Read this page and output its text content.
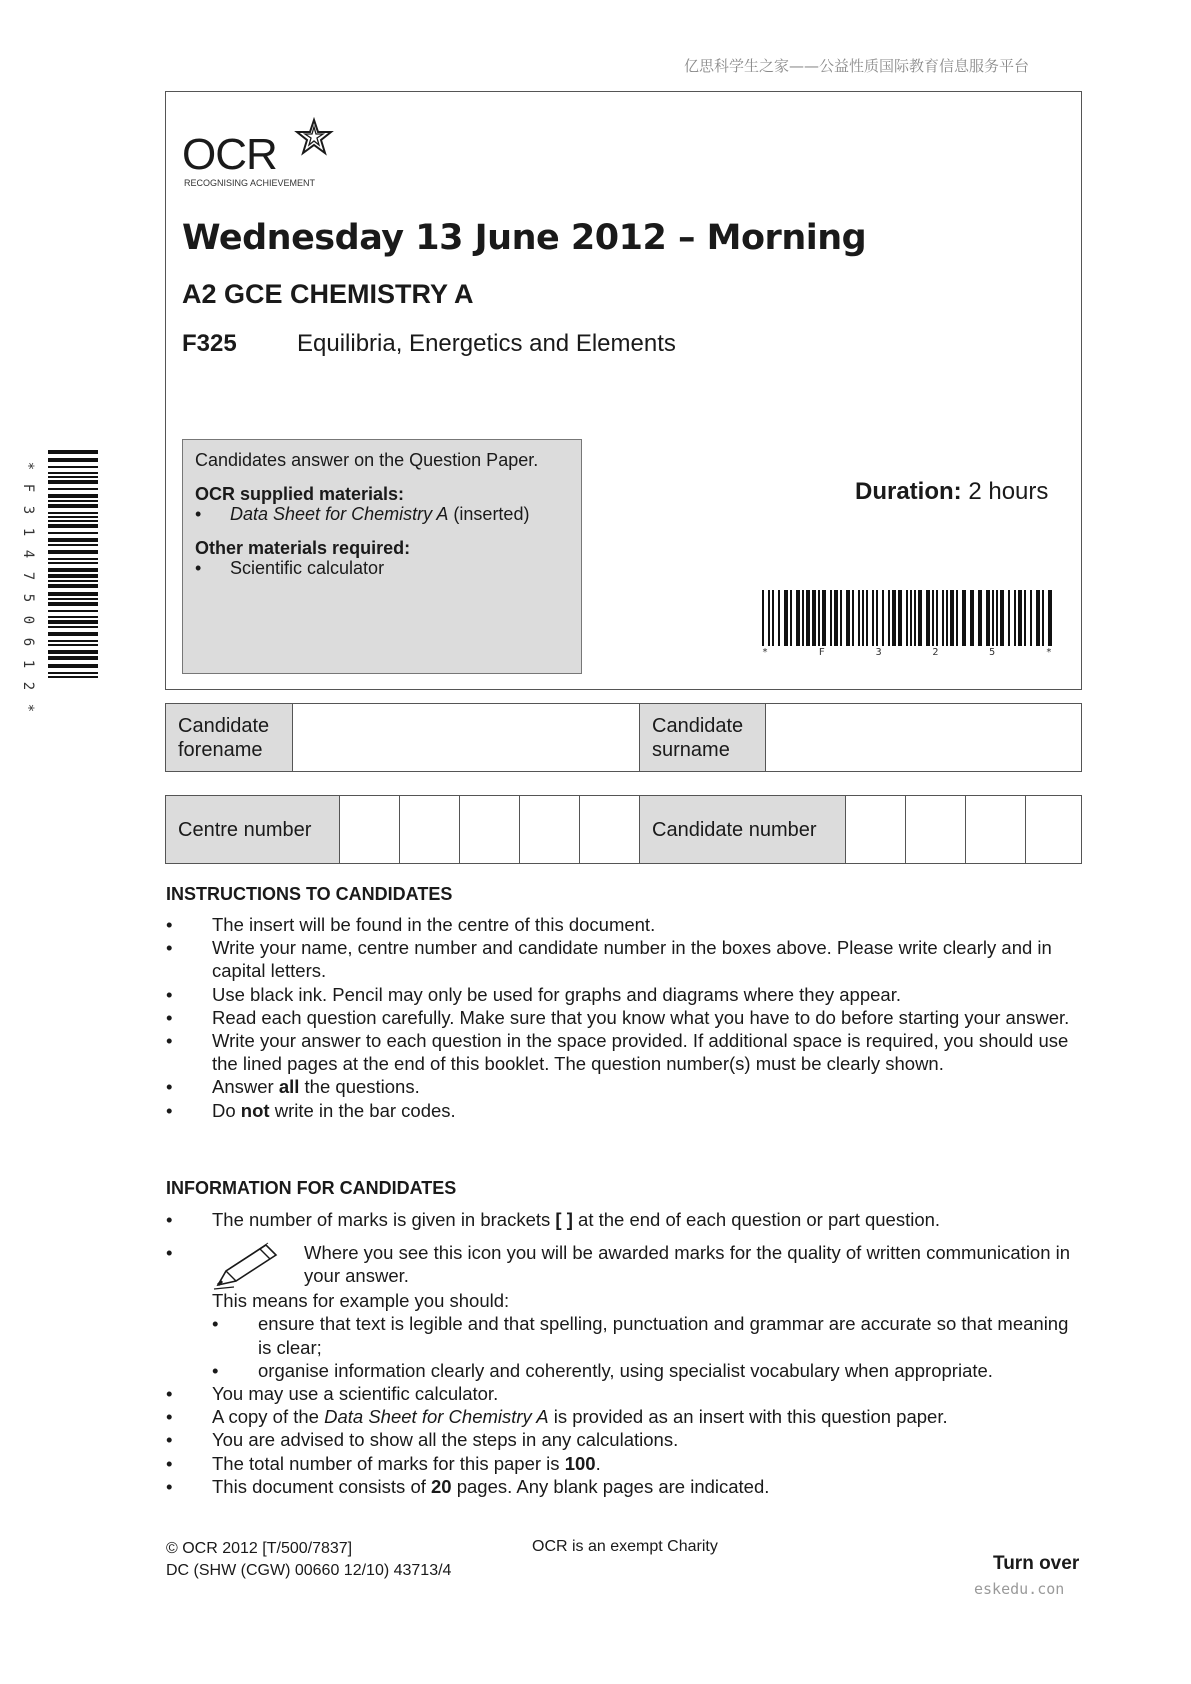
亿思科学生之家——公益性质国际教育信息服务平台
OCR
RECOGNISING ACHIEVEMENT
Wednesday 13 June 2012 – Morning
A2 GCE CHEMISTRY A
F325	Equilibria, Energetics and Elements
Candidates answer on the Question Paper.
OCR supplied materials:
• Data Sheet for Chemistry A (inserted)
Other materials required:
• Scientific calculator
Duration: 2 hours
*	F	3	2	5	*
*
F
3
1
4
7
5
0
6
1
2
*
Candidate forename
Candidate surname
Centre number	Candidate number
INSTRUCTIONS TO CANDIDATES
• The insert will be found in the centre of this document.
• Write your name, centre number and candidate number in the boxes above. Please write clearly and in capital letters.
• Use black ink. Pencil may only be used for graphs and diagrams where they appear.
• Read each question carefully. Make sure that you know what you have to do before starting your answer.
• Write your answer to each question in the space provided. If additional space is required, you should use the lined pages at the end of this booklet. The question number(s) must be clearly shown.
• Answer all the questions.
• Do not write in the bar codes.
INFORMATION FOR CANDIDATES
• The number of marks is given in brackets [ ] at the end of each question or part question.
•	Where you see this icon you will be awarded marks for the quality of written communication in your answer.
This means for example you should:
• ensure that text is legible and that spelling, punctuation and grammar are accurate so that meaning is clear;
• organise information clearly and coherently, using specialist vocabulary when appropriate.
• You may use a scientific calculator.
• A copy of the Data Sheet for Chemistry A is provided as an insert with this question paper.
• You are advised to show all the steps in any calculations.
• The total number of marks for this paper is 100.
• This document consists of 20 pages. Any blank pages are indicated.
© OCR 2012 [T/500/7837]
DC (SHW (CGW) 00660 12/10) 43713/4
OCR is an exempt Charity
Turn over
eskedu.con
